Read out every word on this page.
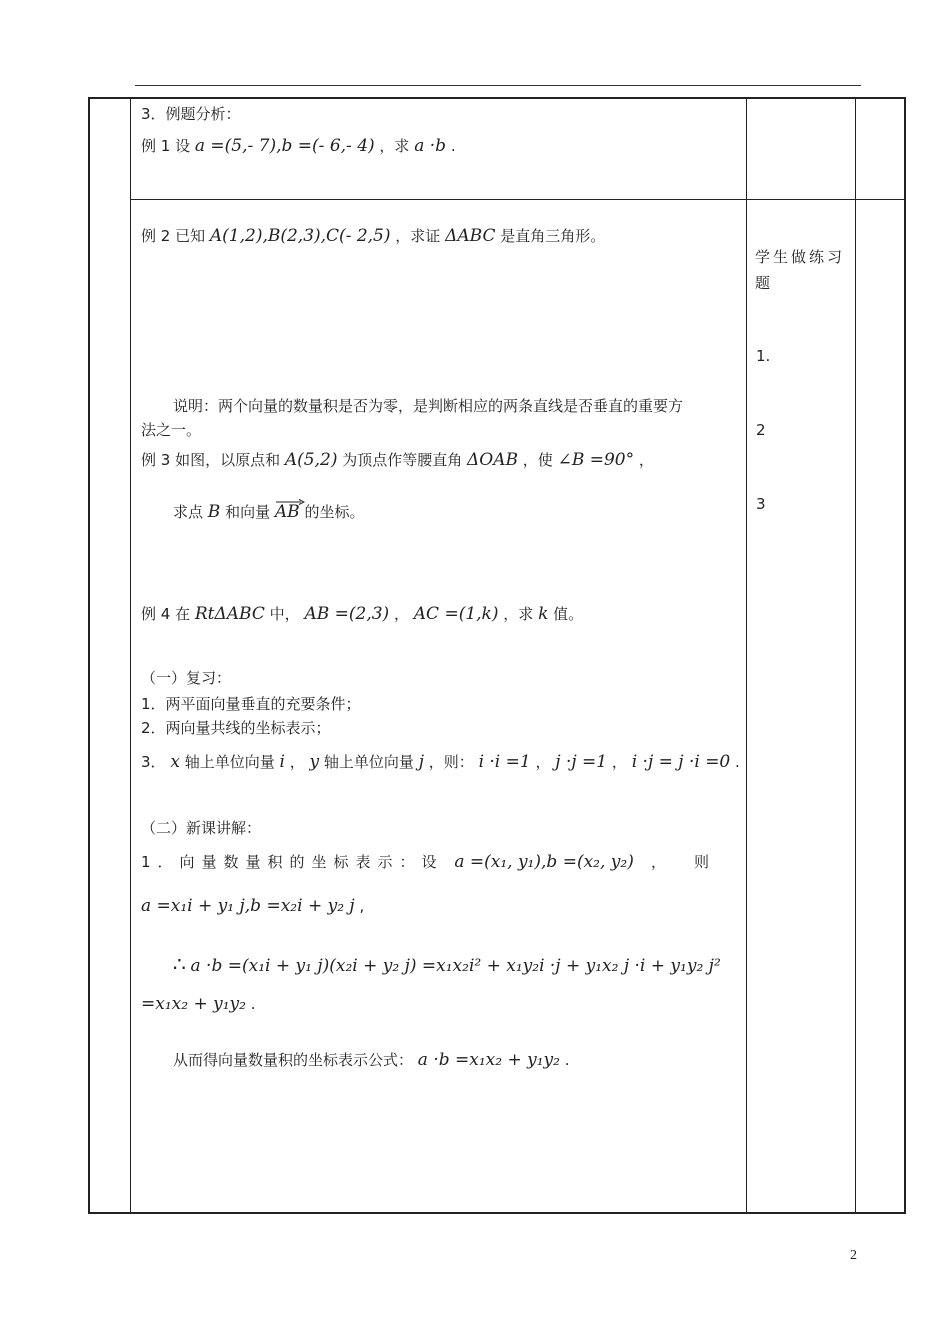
3．例题分析：
例 1 设 a =(5,- 7),b =(- 6,- 4) ，求 a ·b .
例 2 已知 A(1,2),B(2,3),C(- 2,5) ，求证 ΔABC 是直角三角形。
说明：两个向量的数量积是否为零，是判断相应的两条直线是否垂直的重要方
法之一。
例 3 如图，以原点和 A(5,2) 为顶点作等腰直角 ΔOAB ，使 ∠B =90° ，
求点 B 和向量 AB 的坐标。
例 4 在 RtΔABC 中， AB =(2,3) ， AC =(1,k) ，求 k 值。
（一）复习：
1．两平面向量垂直的充要条件；
2．两向量共线的坐标表示；
3． x 轴上单位向量 i ， y 轴上单位向量 j ，则： i ·i =1 ， j ·j =1 ， i ·j = j ·i =0 .
（二）新课讲解：
1．向量数量积的坐标表示：设 a =(x₁, y₁),b =(x₂, y₂) ，则
a =x₁i + y₁ j,b =x₂i + y₂ j ,
∴ a ·b =(x₁i + y₁ j)(x₂i + y₂ j) =x₁x₂i² + x₁y₂i ·j + y₁x₂ j ·i + y₁y₂ j²
=x₁x₂ + y₁y₂ .
从而得向量数量积的坐标表示公式： a ·b =x₁x₂ + y₁y₂ .
学生做练习题
1.
2
3
2
